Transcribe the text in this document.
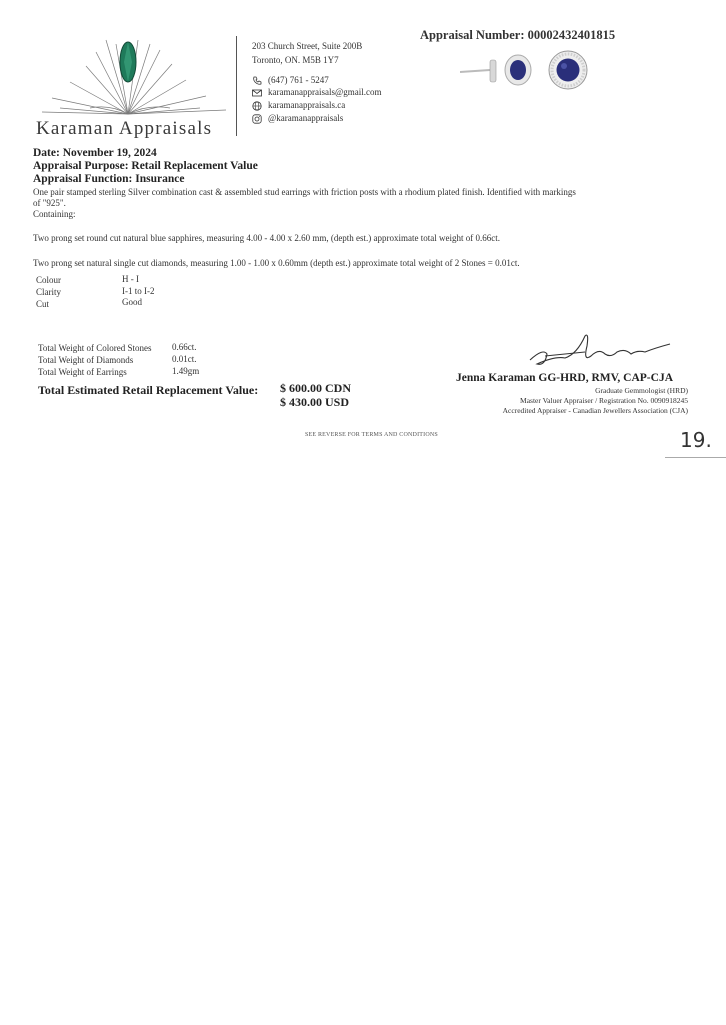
Karaman Appraisals
203 Church Street, Suite 200B
Toronto, ON. M5B 1Y7
(647) 761 - 5247
karamanappraisals@gmail.com
karamanappraisals.ca
@karamanappraisals
Appraisal Number: 00002432401815
Date: November 19, 2024
Appraisal Purpose: Retail Replacement Value
Appraisal Function: Insurance
One pair stamped sterling Silver combination cast & assembled stud earrings with friction posts with a rhodium plated finish. Identified with markings
of "925".
Containing:
Two prong set round cut natural blue sapphires, measuring 4.00 - 4.00 x 2.60 mm, (depth est.) approximate total weight of 0.66ct.
Two prong set natural single cut diamonds, measuring 1.00 - 1.00 x 0.60mm (depth est.) approximate total weight of 2 Stones = 0.01ct.
Colour	H - I
Clarity	I-1 to I-2
Cut	Good
Total Weight of Colored Stones 0.66ct.
Total Weight of Diamonds	0.01ct.
Total Weight of Earrings	1.49gm
Total Estimated Retail Replacement Value: $ 600.00 CDN
$ 430.00 USD
Jenna Karaman GG-HRD, RMV, CAP-CJA
Graduate Gemmologist (HRD)
Master Valuer Appraiser / Registration No. 0090918245
Accredited Appraiser - Canadian Jewellers Association (CJA)
SEE REVERSE FOR TERMS AND CONDITIONS	19.
